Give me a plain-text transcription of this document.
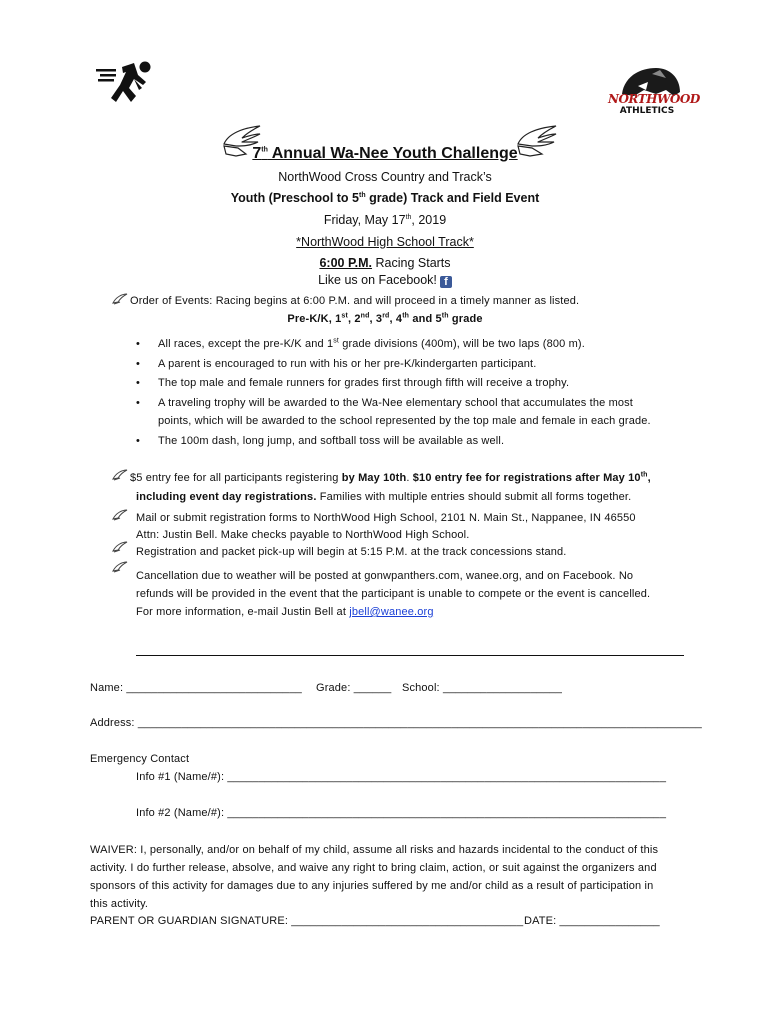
NORTHWOOD
ATHLETICS
7th Annual Wa-Nee Youth Challenge
NorthWood Cross Country and Track’s
Youth (Preschool to 5th grade) Track and Field Event
Friday, May 17th, 2019
*NorthWood High School Track*
6:00 P.M. Racing Starts
Like us on Facebook! f
Order of Events: Racing begins at 6:00 P.M. and will proceed in a timely manner as listed.
Pre-K/K, 1st, 2nd, 3rd, 4th and 5th grade
• All races, except the pre-K/K and 1st grade divisions (400m), will be two laps (800 m).
• A parent is encouraged to run with his or her pre-K/kindergarten participant.
• The top male and female runners for grades first through fifth will receive a trophy.
• A traveling trophy will be awarded to the Wa-Nee elementary school that accumulates the most
points, which will be awarded to the school represented by the top male and female in each grade.
• The 100m dash, long jump, and softball toss will be available as well.
$5 entry fee for all participants registering by May 10th. $10 entry fee for registrations after May 10th,
including event day registrations. Families with multiple entries should submit all forms together.
Mail or submit registration forms to NorthWood High School, 2101 N. Main St., Nappanee, IN 46550
Attn: Justin Bell. Make checks payable to NorthWood High School.
Registration and packet pick-up will begin at 5:15 P.M. at the track concessions stand.
Cancellation due to weather will be posted at gonwpanthers.com, wanee.org, and on Facebook. No
refunds will be provided in the event that the participant is unable to compete or the event is cancelled.
For more information, e-mail Justin Bell at jbell@wanee.org
Name: ____________________________ Grade: ______ School: ___________________
Address: __________________________________________________________________________________________
Emergency Contact
Info #1 (Name/#): ______________________________________________________________________
Info #2 (Name/#): ______________________________________________________________________
WAIVER: I, personally, and/or on behalf of my child, assume all risks and hazards incidental to the conduct of this
activity. I do further release, absolve, and waive any right to bring claim, action, or suit against the organizers and
sponsors of this activity for damages due to any injuries suffered by me and/or child as a result of participation in
this activity.
PARENT OR GUARDIAN SIGNATURE: _____________________________________ DATE: ________________
